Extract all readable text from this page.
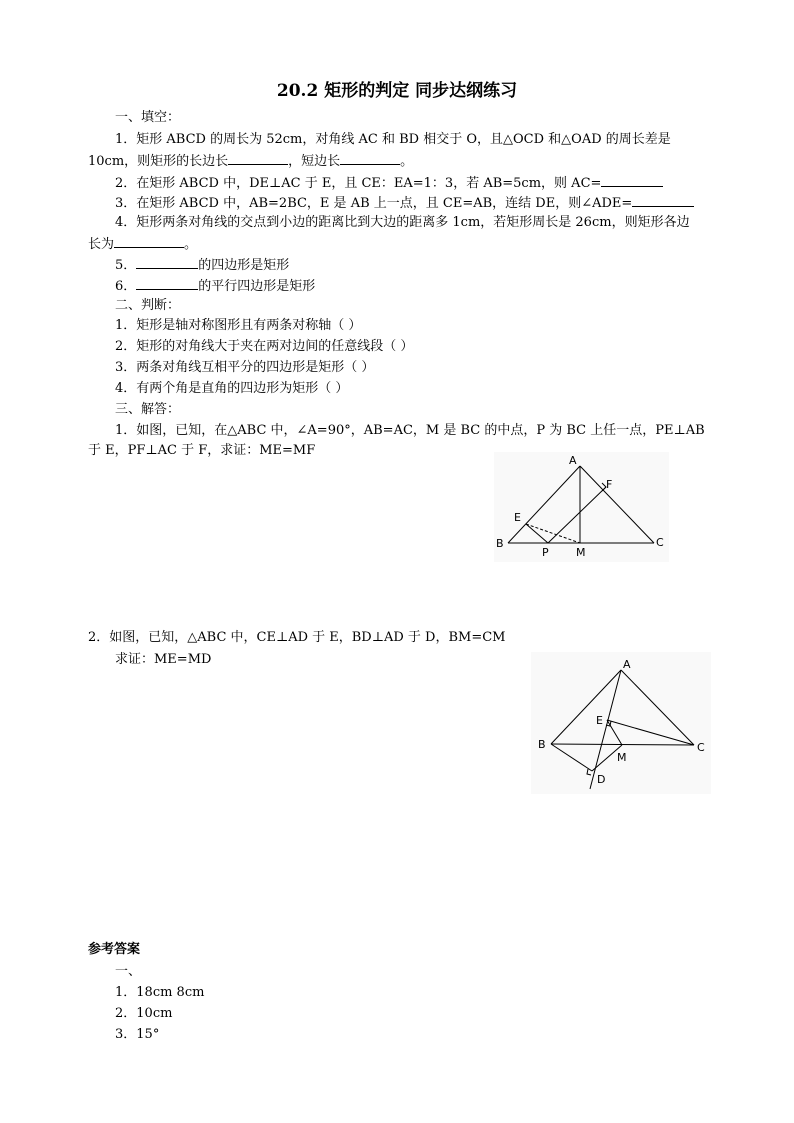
20.2 矩形的判定 同步达纲练习
一、填空：
1．矩形 ABCD 的周长为 52cm，对角线 AC 和 BD 相交于 O，且△OCD 和△OAD 的周长差是
10cm，则矩形的长边长	，短边长	。
2．在矩形 ABCD 中，DE⊥AC 于 E，且 CE：EA=1：3，若 AB=5cm，则 AC=
3．在矩形 ABCD 中，AB=2BC，E 是 AB 上一点，且 CE=AB，连结 DE，则∠ADE=
4．矩形两条对角线的交点到小边的距离比到大边的距离多 1cm，若矩形周长是 26cm，则矩形各边
长为	。
5．	的四边形是矩形
6．	的平行四边形是矩形
二、判断：
1．矩形是轴对称图形且有两条对称轴（ ）
2．矩形的对角线大于夹在两对边间的任意线段（ ）
3．两条对角线互相平分的四边形是矩形（ ）
4．有两个角是直角的四边形为矩形（ ）
三、解答：
1．如图，已知，在△ABC 中，∠A=90°，AB=AC，M 是 BC 的中点，P 为 BC 上任一点，PE⊥AB
于 E，PF⊥AC 于 F，求证：ME=MF
A
B	C
E
F
P M
2．如图，已知，△ABC 中，CE⊥AD 于 E，BD⊥AD 于 D，BM=CM
求证：ME=MD	A
B	C
E
M
D
参考答案
一、
1．18cm 8cm
2．10cm
3．15°
